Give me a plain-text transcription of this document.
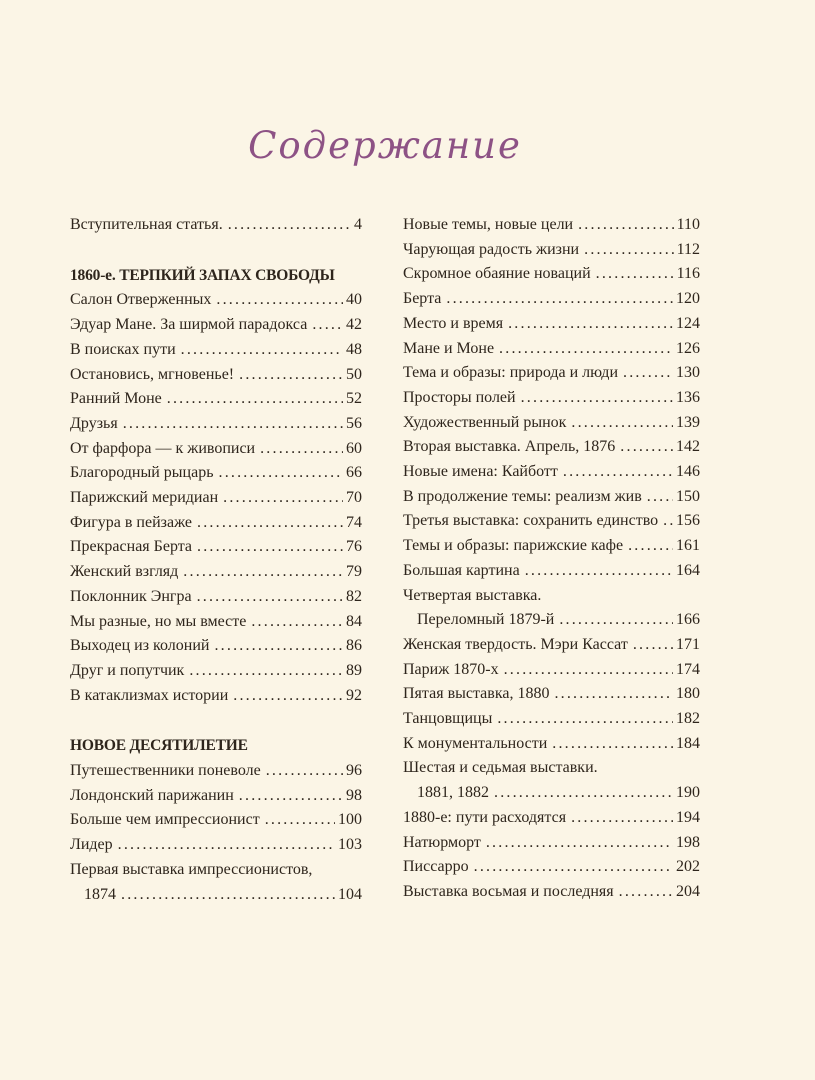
Содержание
Вступительная статья. .....	4
1860-е. ТЕРПКИЙ ЗАПАХ СВОБОДЫ
Салон Отверженных .....	40
Эдуар Мане. За ширмой парадокса ..... 42
В поисках пути .....	48
Остановись, мгновенье! .....	50
Ранний Моне .....	52
Друзья .....	56
От фарфора — к живописи .....	60
Благородный рыцарь .....	66
Парижский меридиан .....	70
Фигура в пейзаже .....	74
Прекрасная Берта .....	76
Женский взгляд .....	79
Поклонник Энгра .....	82
Мы разные, но мы вместе .....	84
Выходец из колоний .....	86
Друг и попутчик .....	89
В катаклизмах истории .....	92
НОВОЕ ДЕСЯТИЛЕТИЕ
Путешественники поневоле .....	96
Лондонский парижанин .....	98
Больше чем импрессионист .....	100
Лидер .....	103
Первая выставка импрессионистов,
1874 .....	104
Новые темы, новые цели .....	110
Чарующая радость жизни .....	112
Скромное обаяние новаций .....	116
Берта .....	120
Место и время .....	124
Мане и Моне .....	126
Тема и образы: природа и люди .....	130
Просторы полей .....	136
Художественный рынок .....	139
Вторая выставка. Апрель, 1876 .....	142
Новые имена: Кайботт .....	146
В продолжение темы: реализм жив ..... 150
Третья выставка: сохранить единство ..... 156
Темы и образы: парижские кафе .....	161
Большая картина .....	164
Четвертая выставка.
Переломный 1879-й .....	166
Женская твердость. Мэри Кассат .....	171
Париж 1870-х .....	174
Пятая выставка, 1880 .....	180
Танцовщицы .....	182
К монументальности .....	184
Шестая и седьмая выставки.
1881, 1882 .....	190
1880-е: пути расходятся .....	194
Натюрморт .....	198
Писсарро .....	202
Выставка восьмая и последняя .....	204
